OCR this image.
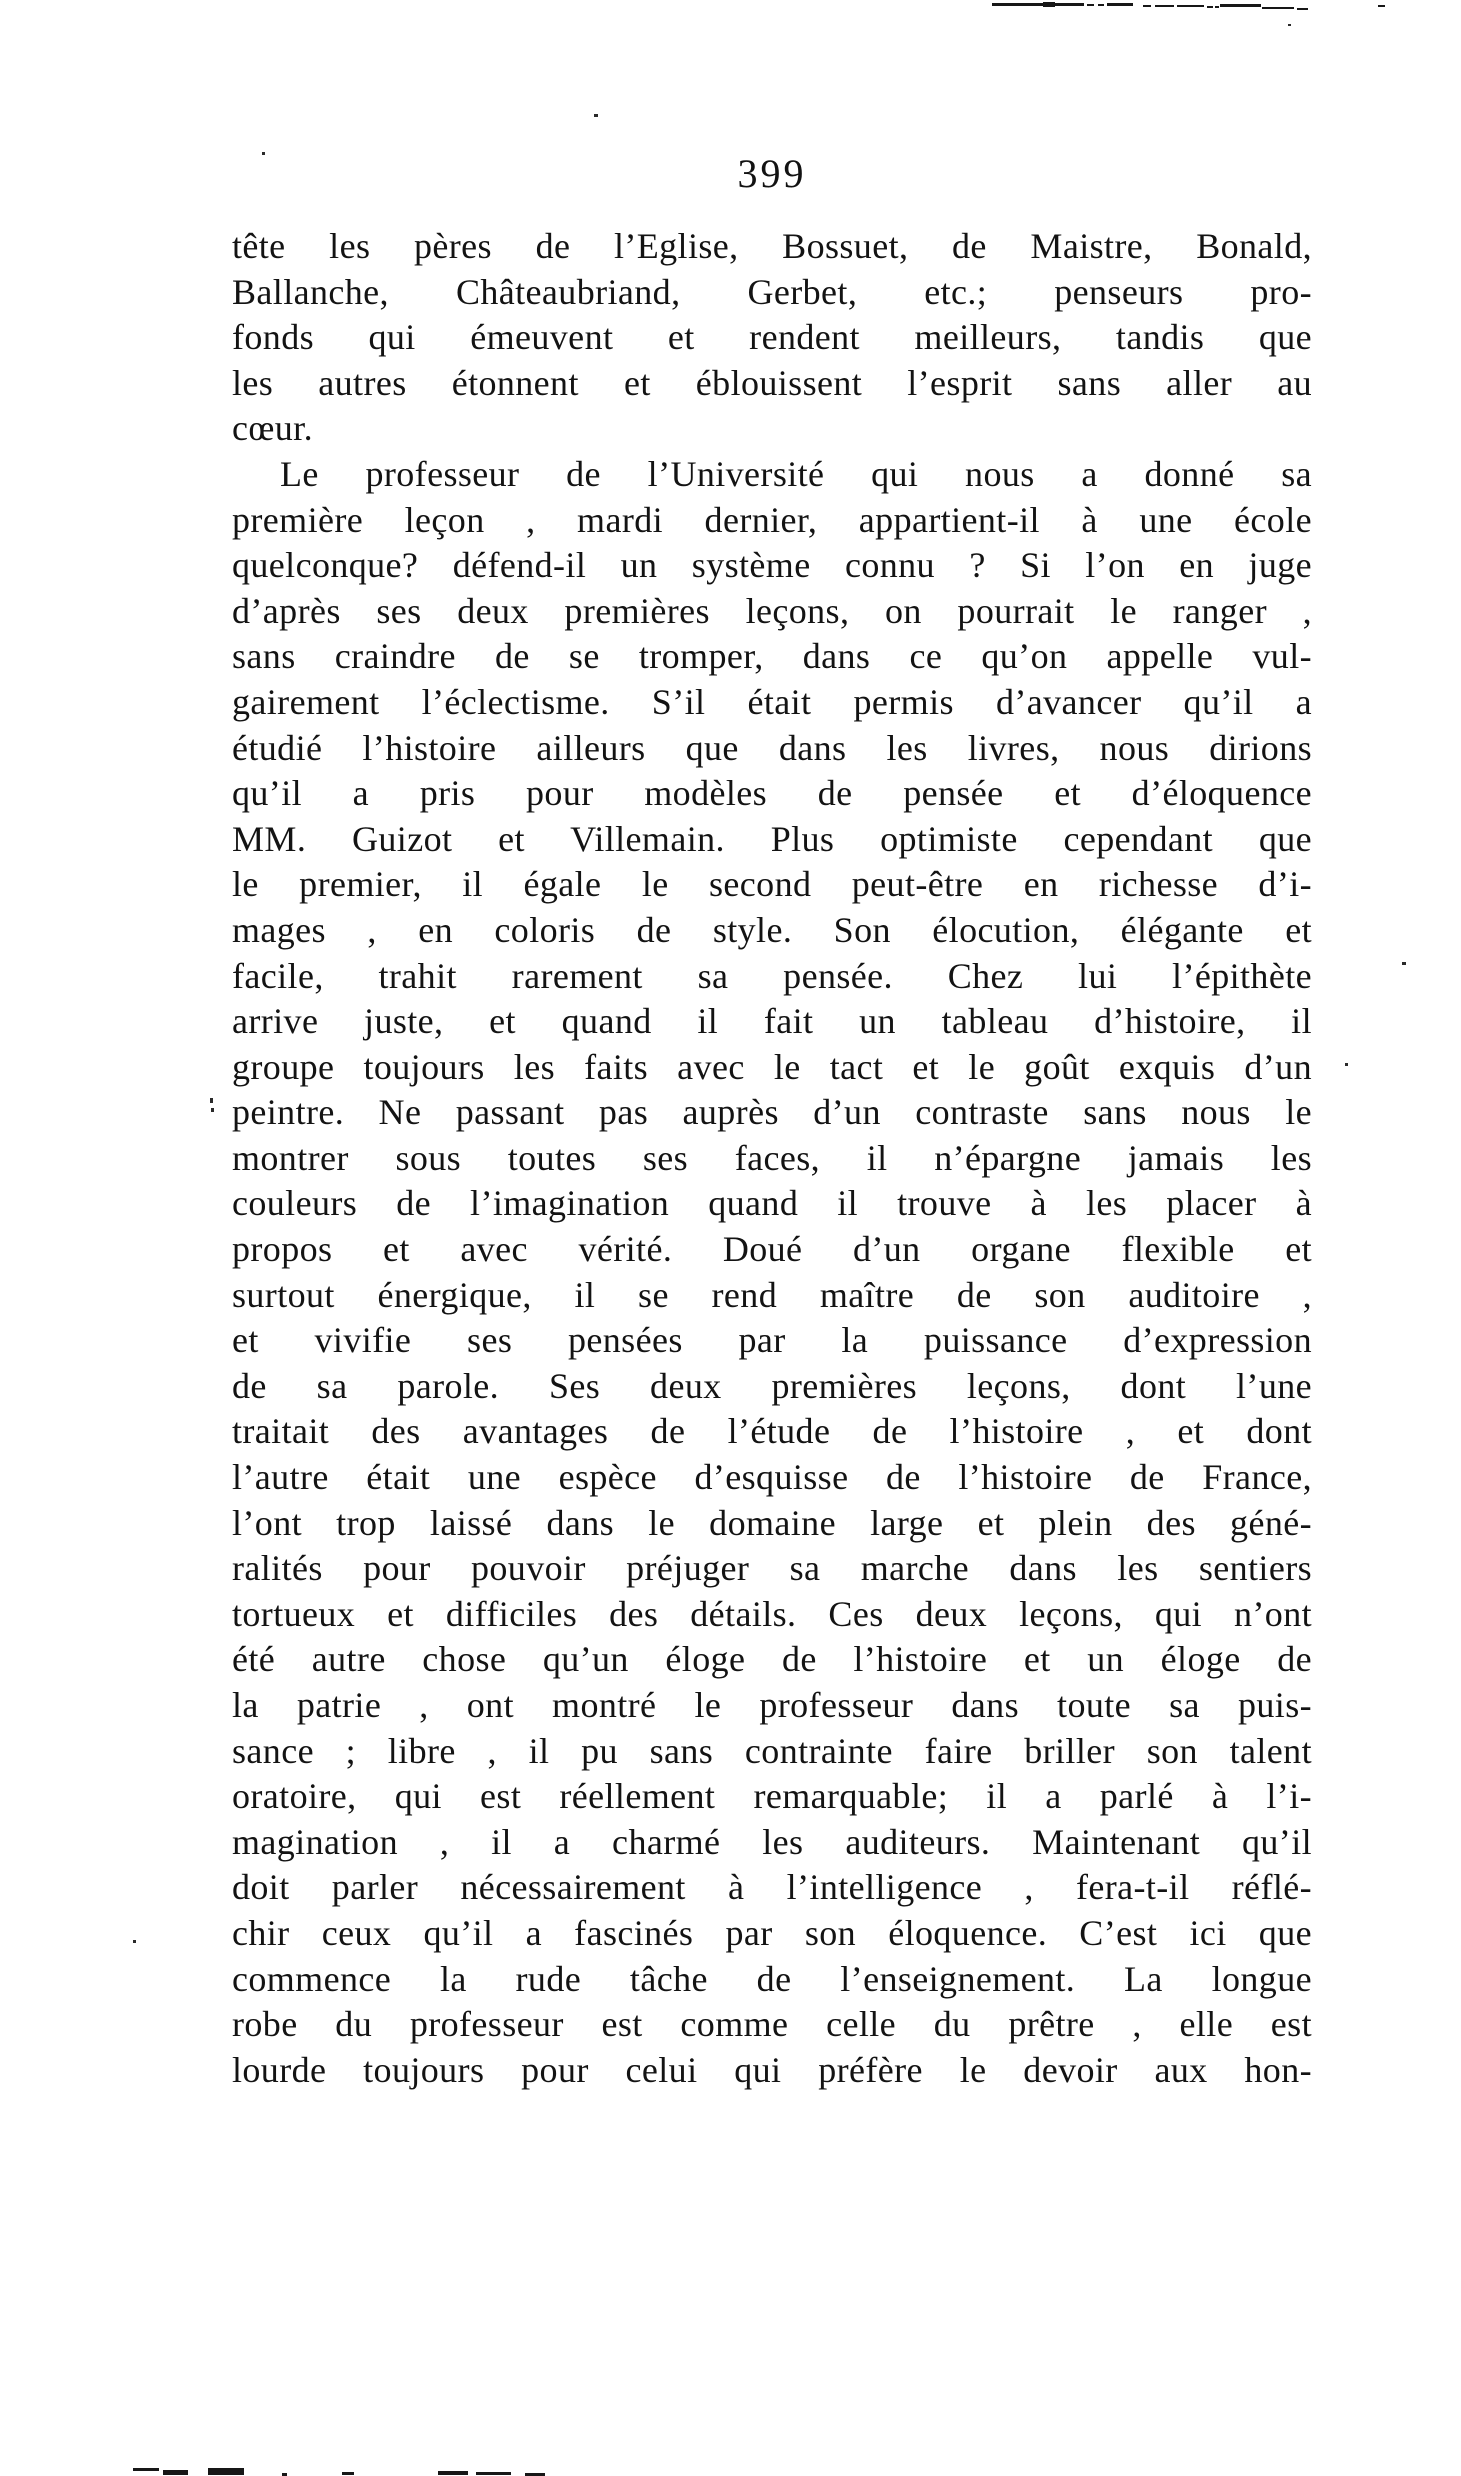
399
tête les pères de l’Eglise, Bossuet, de Maistre, Bonald,
Ballanche, Châteaubriand, Gerbet, etc.; penseurs pro-
fonds qui émeuvent et rendent meilleurs, tandis que
les autres étonnent et éblouissent l’esprit sans aller au
cœur.
Le professeur de l’Université qui nous a donné sa
première leçon , mardi dernier, appartient-il à une école
quelconque? défend-il un système connu ? Si l’on en juge
d’après ses deux premières leçons, on pourrait le ranger ,
sans craindre de se tromper, dans ce qu’on appelle vul-
gairement l’éclectisme. S’il était permis d’avancer qu’il a
étudié l’histoire ailleurs que dans les livres, nous dirions
qu’il a pris pour modèles de pensée et d’éloquence
MM. Guizot et Villemain. Plus optimiste cependant que
le premier, il égale le second peut-être en richesse d’i-
mages , en coloris de style. Son élocution, élégante et
facile, trahit rarement sa pensée. Chez lui l’épithète
arrive juste, et quand il fait un tableau d’histoire, il
groupe toujours les faits avec le tact et le goût exquis d’un
peintre. Ne passant pas auprès d’un contraste sans nous le
montrer sous toutes ses faces, il n’épargne jamais les
couleurs de l’imagination quand il trouve à les placer à
propos et avec vérité. Doué d’un organe flexible et
surtout énergique, il se rend maître de son auditoire ,
et vivifie ses pensées par la puissance d’expression
de sa parole. Ses deux premières leçons, dont l’une
traitait des avantages de l’étude de l’histoire , et dont
l’autre était une espèce d’esquisse de l’histoire de France,
l’ont trop laissé dans le domaine large et plein des géné-
ralités pour pouvoir préjuger sa marche dans les sentiers
tortueux et difficiles des détails. Ces deux leçons, qui n’ont
été autre chose qu’un éloge de l’histoire et un éloge de
la patrie , ont montré le professeur dans toute sa puis-
sance ; libre , il pu sans contrainte faire briller son talent
oratoire, qui est réellement remarquable; il a parlé à l’i-
magination , il a charmé les auditeurs. Maintenant qu’il
doit parler nécessairement à l’intelligence , fera-t-il réflé-
chir ceux qu’il a fascinés par son éloquence. C’est ici que
commence la rude tâche de l’enseignement. La longue
robe du professeur est comme celle du prêtre , elle est
lourde toujours pour celui qui préfère le devoir aux hon-
